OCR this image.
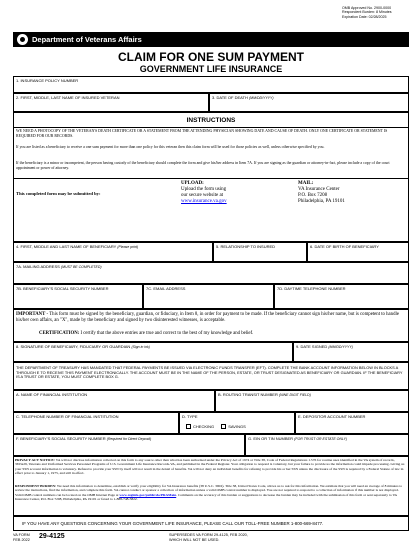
OMB Approved No. 2900-0000
Respondent Burden: 8 Minutes
Expiration Date: 02/28/2025
Department of Veterans Affairs
CLAIM FOR ONE SUM PAYMENT
GOVERNMENT LIFE INSURANCE
1. INSURANCE POLICY NUMBER
2. FIRST, MIDDLE, LAST NAME OF INSURED VETERAN	3. DATE OF DEATH (MM/DD/YYYY)
INSTRUCTIONS
WE NEED A PHOTOCOPY OF THE VETERAN'S DEATH CERTIFICATE OR A STATEMENT FROM THE ATTENDING PHYSICIAN SHOWING DATE AND CAUSE OF DEATH. ONLY ONE CERTIFICATE OR STATEMENT IS REQUIRED FOR OUR RECORDS.
If you are listed as a beneficiary to receive a one sum payment for more than one policy for this veteran then this claim form will be used for those policies as well, unless otherwise specified by you.
If the beneficiary is a minor or incompetent, the person having custody of the beneficiary should complete the form and give his/her address in Item 7A. If you are signing as the guardian or attorney-in-fact, please include a copy of the court appointment or power of attorney.
This completed form may be submitted by:
UPLOAD:
Upload the form using
our secure website at
www.insurance.va.gov
MAIL:
VA Insurance Center
P.O. Box 7208
Philadelphia, PA 19101
4. FIRST, MIDDLE AND LAST NAME OF BENEFICIARY (Please print)	5. RELATIONSHIP TO INSURED	6. DATE OF BIRTH OF BENEFICIARY
7A. MAILING ADDRESS (MUST BE COMPLETED)
7B. BENEFICIARY'S SOCIAL SECURITY NUMBER	7C. EMAIL ADDRESS	7D. DAYTIME TELEPHONE NUMBER
IMPORTANT - This form must be signed by the beneficiary, guardian, or fiduciary, in Item 8, in order for payment to be made. If the beneficiary cannot sign his/her name, but is competent to handle his/her own affairs, an "X", made by the beneficiary and signed by two disinterested witnesses, is acceptable.
CERTIFICATION: I certify that the above entries are true and correct to the best of my knowledge and belief.
8. SIGNATURE OF BENEFICIARY, FIDUCIARY OR GUARDIAN (Sign in ink)	9. DATE SIGNED (MM/DD/YYYY)
THE DEPARTMENT OF TREASURY HAS MANDATED THAT FEDERAL PAYMENTS BE ISSUED VIA ELECTRONIC FUNDS TRANSFER (EFT). COMPLETE THE BANK ACCOUNT INFORMATION BELOW IN BLOCKS A THROUGH E TO RECEIVE THIS PAYMENT ELECTRONICALLY. THE ACCOUNT MUST BE IN THE NAME OF THE PERSON, ESTATE, OR TRUST DESIGNATED AS BENEFICIARY OR GUARDIAN. IF THE BENEFICIARY IS A TRUST OR ESTATE, YOU MUST COMPLETE BOX G.
A. NAME OF FINANCIAL INSTITUTION	B. ROUTING TRANSIT NUMBER (NINE DIGIT FIELD)
C. TELEPHONE NUMBER OF FINANCIAL INSTITUTION	D. TYPE
CHECKING	SAVINGS
E. DEPOSITOR ACCOUNT NUMBER
F. BENEFICIARY'S SOCIAL SECURITY NUMBER (Required for Direct Deposit)	G. EIN OR TIN NUMBER (FOR TRUST OR ESTATE ONLY)
PRIVACY ACT NOTICE: VA will not disclose information collected on this form to any source other than what has been authorized under the Privacy Act of 1974 or Title 38, Code of Federal Regulations 1.576 for routine uses identified in the VA system of records, 36VA29, Veterans and Uniformed Services Personnel Programs of U.S. Government Life Insurance Records-VA, and published in the Federal Register. Your obligation to respond is voluntary, but your failure to provide us the information could impede processing. Giving us your SSN account information is voluntary. Refusal to provide your SSN by itself will not result in the denial of benefits. VA will not deny an individual benefits for refusing to provide his or her SSN unless the disclosure of the SSN is required by a Federal Statute of law in effect prior to January 1, 1975, and still in effect.
RESPONDENT BURDEN: We need this information to determine, establish or verify your eligibility for VA Insurance benefits (38 U.S.C. 3902). Title 38, United States Code, allows us to ask for this information. We estimate that you will need an average of 8 minutes to review the instructions, find the information, and complete this form. VA cannot conduct or sponsor a collection of information unless a valid OMB control number is displayed. You are not required to respond to a collection of information if this number is not displayed. Valid OMB control numbers can be located on the OMB Internet Page at www.reginfo.gov/public/do/PRAMain. Comments on the accuracy of this burden or suggestions to decrease the burden may be included with the submission of this form or sent separately to VA Insurance Center, P.O. Box 7208, Philadelphia, PA 19101 or faxed to 1-888-748-5822.
IF YOU HAVE ANY QUESTIONS CONCERNING YOUR GOVERNMENT LIFE INSURANCE, PLEASE CALL OUR TOLL-FREE NUMBER 1-800-669-8477.
VA FORM
FEB 2022 29-4125	SUPERSEDES VA FORM 29-4125, FEB 2020,
WHICH WILL NOT BE USED.
